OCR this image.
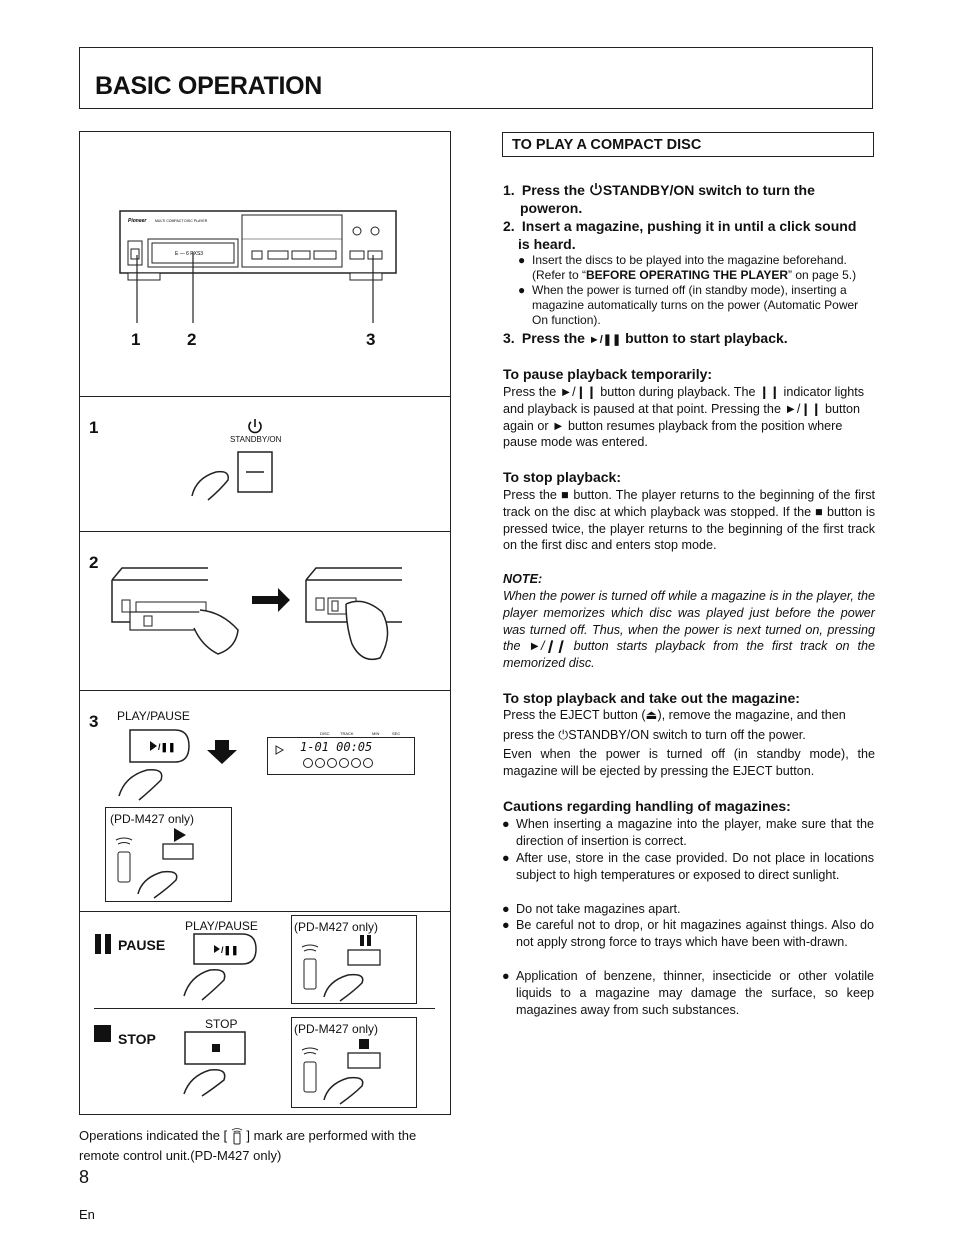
BASIC OPERATION
Pioneer	MULTI COMPACT DISC PLAYER
E — 6 PXS3
1	2	3
1
STANDBY/ON
2
3 PLAY/PAUSE
/❚❚
DISC	TRACK	MIN	SEC
1-01 00:05
(PD-M427 only)
PAUSE
PLAY/PAUSE
/❚❚
(PD-M427 only)
STOP
STOP	(PD-M427 only)
TO PLAY A COMPACT DISC
1. Press the STANDBY/ON switch to turn the
poweron.
2. Insert a magazine, pushing it in until a click sound
is heard.
● Insert the discs to be played into the magazine beforehand.
(Refer to “BEFORE OPERATING THE PLAYER” on page 5.)
● When the power is turned off (in standby mode), inserting a
magazine automatically turns on the power (Automatic Power
On function).
3. Press the ►/❚❚ button to start playback.
To pause playback temporarily:
Press the ►/❙❙ button during playback. The ❙❙ indicator lights and playback is paused at that point. Pressing the ►/❙❙ button again or ► button resumes playback from the position where pause mode was entered.
To stop playback:
Press the ■ button. The player returns to the beginning of the first track on the disc at which playback was stopped. If the ■ button is pressed twice, the player returns to the beginning of the first track on the first disc and enters stop mode.
NOTE:
When the power is turned off while a magazine is in the player, the player memorizes which disc was played just before the power was turned off. Thus, when the power is next turned on, pressing the ►/❙❙ button starts playback from the first track on the memorized disc.
To stop playback and take out the magazine:
Press the EJECT button (⏏), remove the magazine, and then
press the ⏻STANDBY/ON switch to turn off the power.
Even when the power is turned off (in standby mode), the magazine will be ejected by pressing the EJECT button.
Cautions regarding handling of magazines:
● When inserting a magazine into the player, make sure that the direction of insertion is correct.
● After use, store in the case provided. Do not place in locations subject to high temperatures or exposed to direct sunlight.
● Do not take magazines apart.
● Be careful not to drop, or hit magazines against things. Also do not apply strong force to trays which have been with-drawn.
● Application of benzene, thinner, insecticide or other volatile liquids to a magazine may damage the surface, so keep magazines away from such substances.
Operations indicated the [ ] mark are performed with the
remote control unit.(PD-M427 only)
8
En
